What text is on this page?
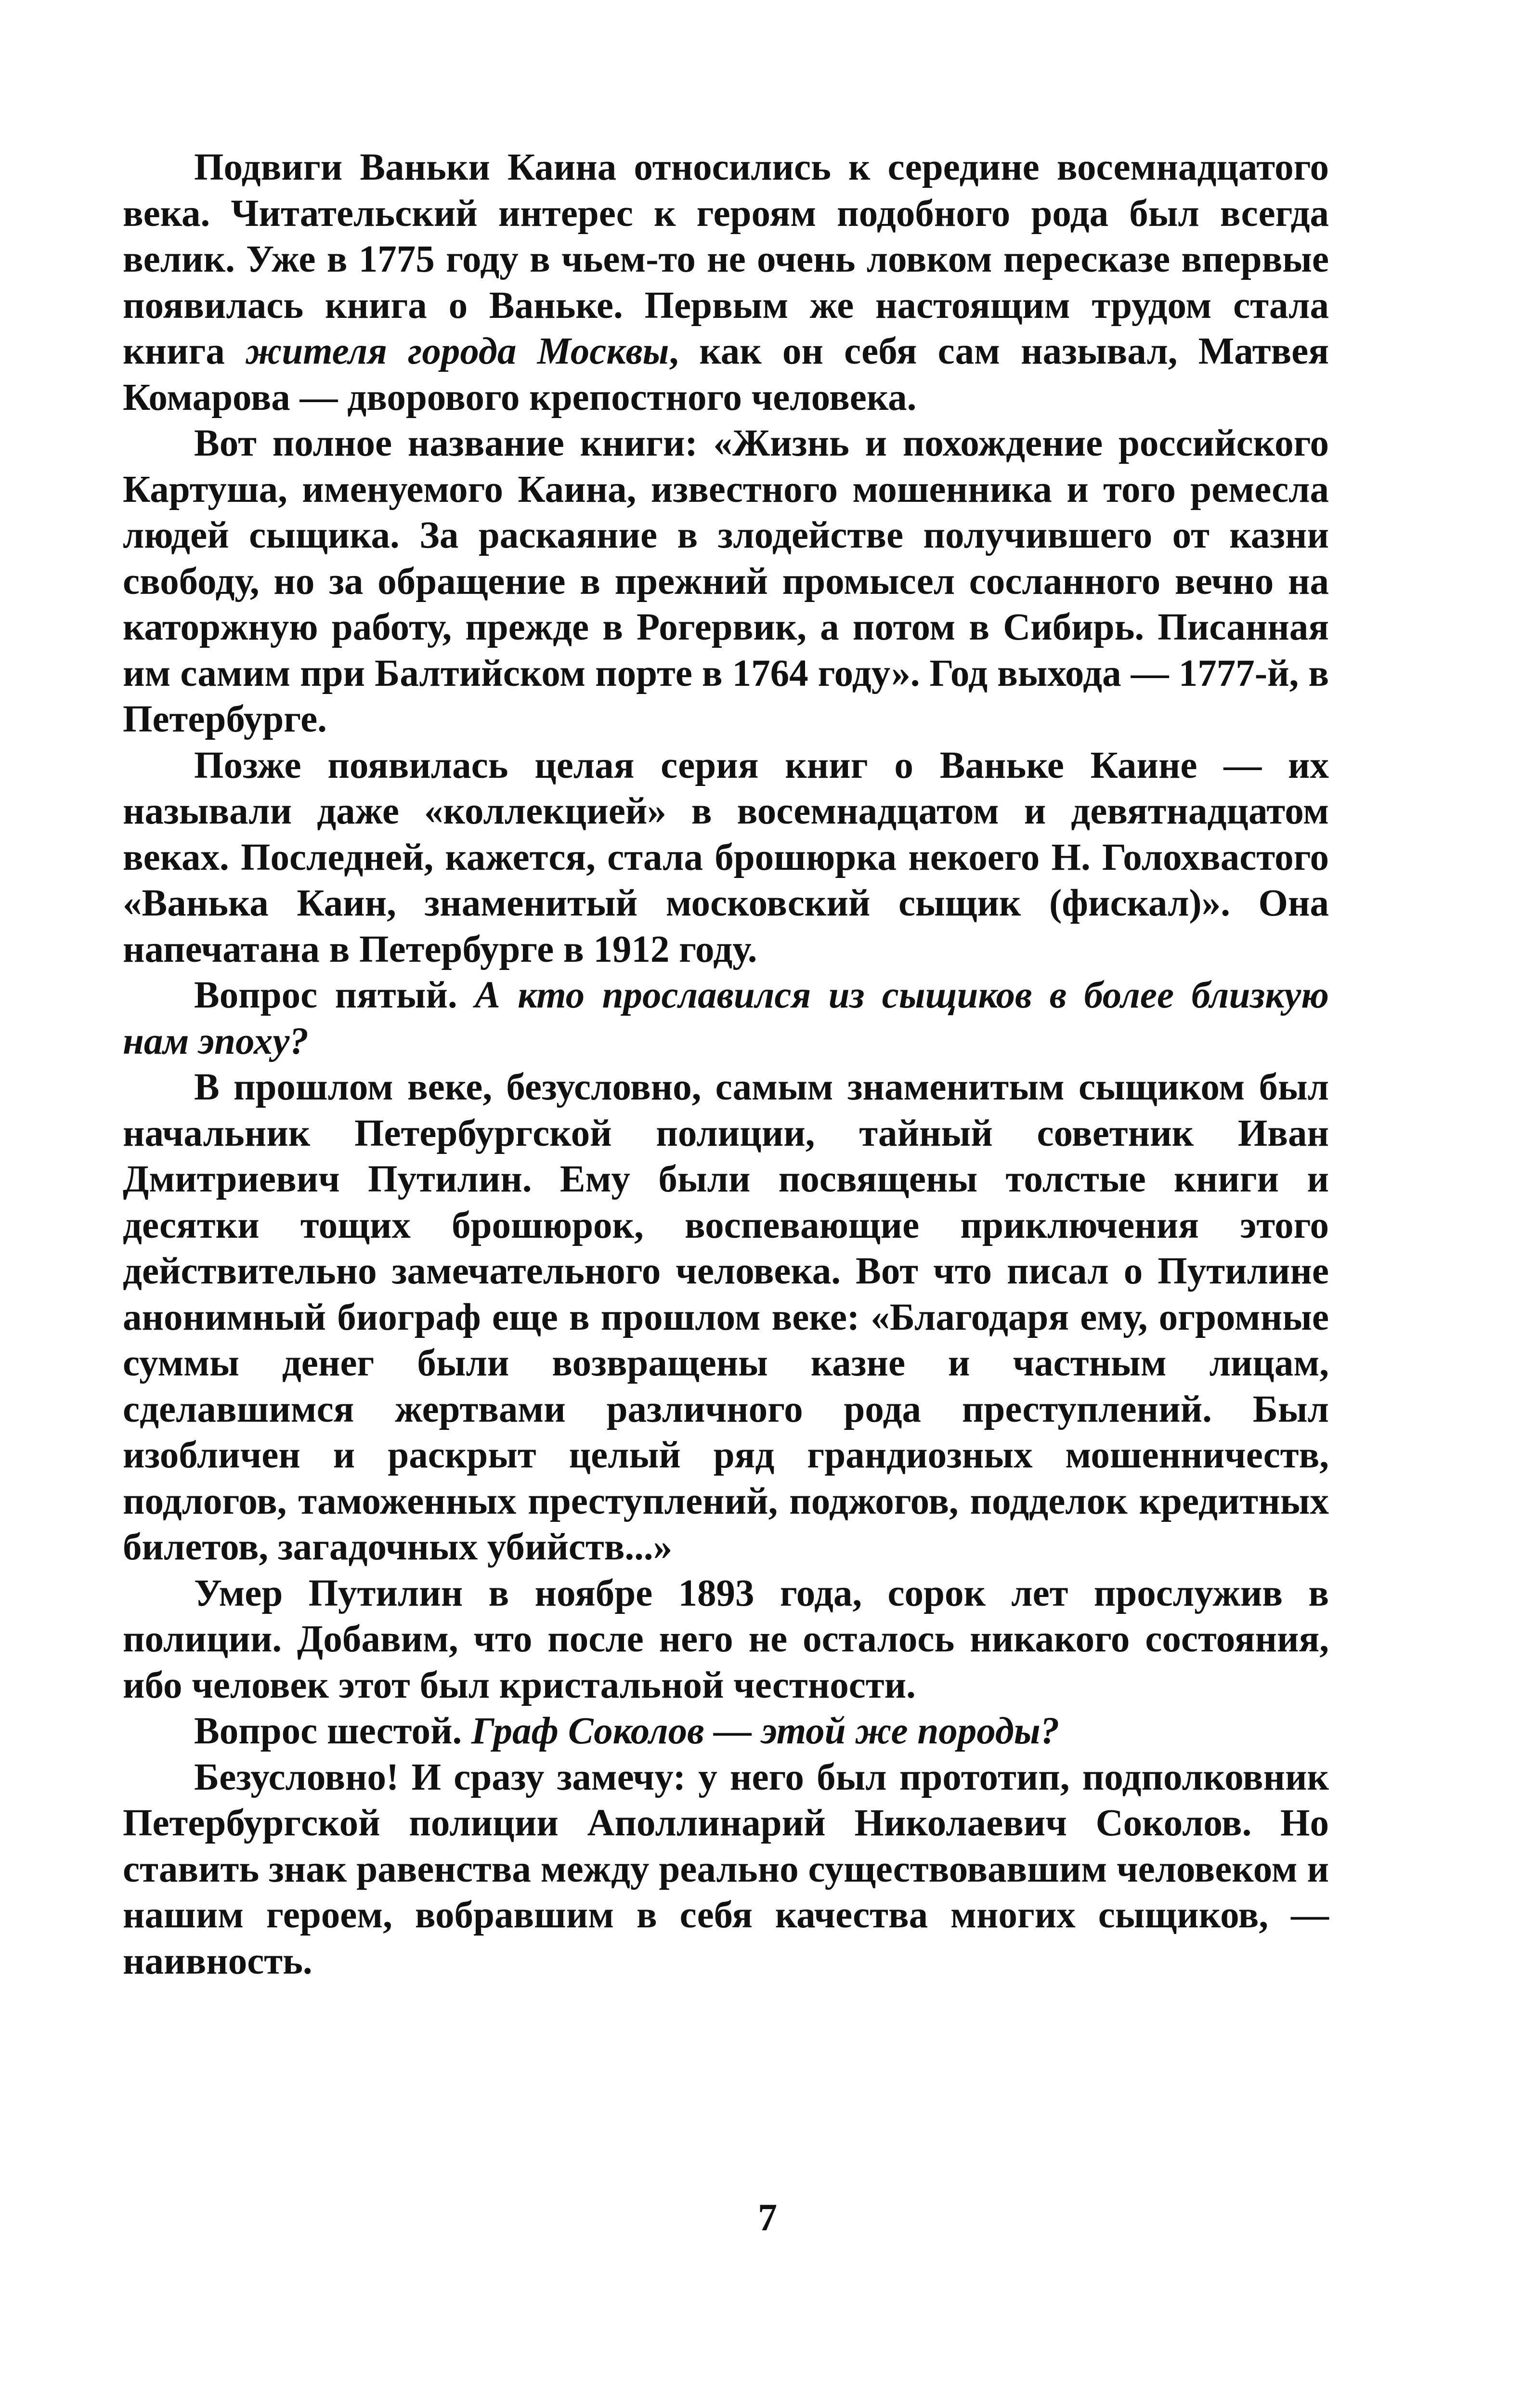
Подвиги Ваньки Каина относились к середине восемнадцатого века. Читательский интерес к героям подобного рода был всегда велик. Уже в 1775 году в чьем-то не очень ловком пересказе впервые появилась книга о Ваньке. Первым же настоящим трудом стала книга жителя города Москвы, как он себя сам называл, Матвея Комарова — дворового крепостного человека.

Вот полное название книги: «Жизнь и похождение российского Картуша, именуемого Каина, известного мошенника и того ремесла людей сыщика. За раскаяние в злодействе получившего от казни свободу, но за обращение в прежний промысел сосланного вечно на каторжную работу, прежде в Рогервик, а потом в Сибирь. Писанная им самим при Балтийском порте в 1764 году». Год выхода — 1777-й, в Петербурге.

Позже появилась целая серия книг о Ваньке Каине — их называли даже «коллекцией» в восемнадцатом и девятнадцатом веках. Последней, кажется, стала брошюрка некоего Н. Голохвастого «Ванька Каин, знаменитый московский сыщик (фискал)». Она напечатана в Петербурге в 1912 году.

Вопрос пятый. А кто прославился из сыщиков в более близкую нам эпоху?

В прошлом веке, безусловно, самым знаменитым сыщиком был начальник Петербургской полиции, тайный советник Иван Дмитриевич Путилин. Ему были посвящены толстые книги и десятки тощих брошюрок, воспевающие приключения этого действительно замечательного человека. Вот что писал о Путилине анонимный биограф еще в прошлом веке: «Благодаря ему, огромные суммы денег были возвращены казне и частным лицам, сделавшимся жертвами различного рода преступлений. Был изобличен и раскрыт целый ряд грандиозных мошенничеств, подлогов, таможенных преступлений, поджогов, подделок кредитных билетов, загадочных убийств...»

Умер Путилин в ноябре 1893 года, сорок лет прослужив в полиции. Добавим, что после него не осталось никакого состояния, ибо человек этот был кристальной честности.

Вопрос шестой. Граф Соколов — этой же породы?

Безусловно! И сразу замечу: у него был прототип, подполковник Петербургской полиции Аполлинарий Николаевич Соколов. Но ставить знак равенства между реально существовавшим человеком и нашим героем, вобравшим в себя качества многих сыщиков, — наивность.

7
